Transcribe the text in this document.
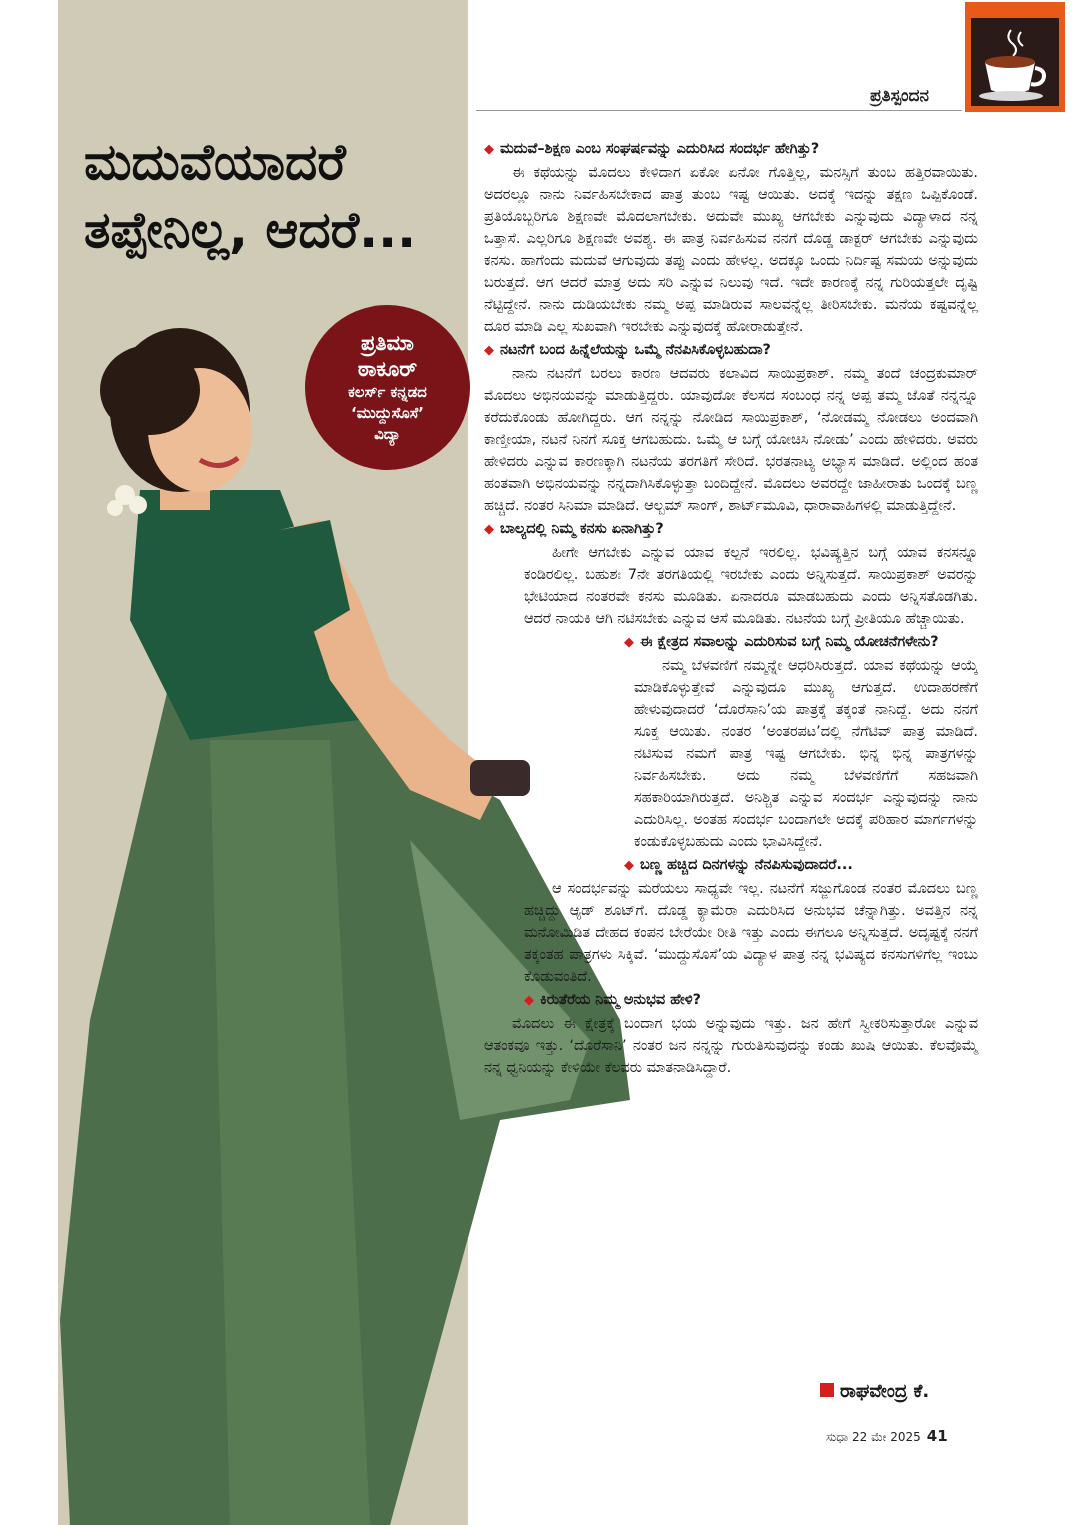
ಮದುವೆಯಾದರೆ
ತಪ್ಪೇನಿಲ್ಲ, ಆದರೆ...
ಪ್ರತಿಮಾ
ಠಾಕೂರ್
ಕಲರ್ಸ್ ಕನ್ನಡದ
‘ಮುದ್ದುಸೊಸೆ’
ವಿದ್ಯಾ
ಪ್ರತಿಸ್ಪಂದನ
◆ ಮದುವೆ–ಶಿಕ್ಷಣ ಎಂಬ ಸಂಘರ್ಷವನ್ನು ಎದುರಿಸಿದ ಸಂದರ್ಭ ಹೇಗಿತ್ತು?

ಈ ಕಥೆಯನ್ನು ಮೊದಲು ಕೇಳಿದಾಗ ಏಕೋ ಏನೋ ಗೊತ್ತಿಲ್ಲ, ಮನಸ್ಸಿಗೆ ತುಂಬ ಹತ್ತಿರವಾಯಿತು. ಅದರಲ್ಲೂ ನಾನು ನಿರ್ವಹಿಸಬೇಕಾದ ಪಾತ್ರ ತುಂಬ ಇಷ್ಟ ಆಯಿತು. ಅದಕ್ಕೆ ಇದನ್ನು ತಕ್ಷಣ ಒಪ್ಪಿಕೊಂಡೆ. ಪ್ರತಿಯೊಬ್ಬರಿಗೂ ಶಿಕ್ಷಣವೇ ಮೊದಲಾಗಬೇಕು. ಅದುವೇ ಮುಖ್ಯ ಆಗಬೇಕು ಎನ್ನುವುದು ವಿದ್ಯಾಳಾದ ನನ್ನ ಒತ್ತಾಸೆ. ಎಲ್ಲರಿಗೂ ಶಿಕ್ಷಣವೇ ಅವಶ್ಯ. ಈ ಪಾತ್ರ ನಿರ್ವಹಿಸುವ ನನಗೆ ದೊಡ್ಡ ಡಾಕ್ಟರ್ ಆಗಬೇಕು ಎನ್ನುವುದು ಕನಸು. ಹಾಗೆಂದು ಮದುವೆ ಆಗುವುದು ತಪ್ಪು ಎಂದು ಹೇಳಲ್ಲ. ಅದಕ್ಕೂ ಒಂದು ನಿರ್ದಿಷ್ಟ ಸಮಯ ಅನ್ನುವುದು ಬರುತ್ತದೆ. ಆಗ ಆದರೆ ಮಾತ್ರ ಅದು ಸರಿ ಎನ್ನುವ ನಿಲುವು ಇದೆ. ಇದೇ ಕಾರಣಕ್ಕೆ ನನ್ನ ಗುರಿಯತ್ತಲೇ ದೃಷ್ಟಿ ನೆಟ್ಟಿದ್ದೇನೆ. ನಾನು ದುಡಿಯಬೇಕು ನಮ್ಮ ಅಪ್ಪ ಮಾಡಿರುವ ಸಾಲವನ್ನೆಲ್ಲ ತೀರಿಸಬೇಕು. ಮನೆಯ ಕಷ್ಟವನ್ನೆಲ್ಲ ದೂರ ಮಾಡಿ ಎಲ್ಲ ಸುಖವಾಗಿ ಇರಬೇಕು ಎನ್ನುವುದಕ್ಕೆ ಹೋರಾಡುತ್ತೇನೆ.

◆ ನಟನೆಗೆ ಬಂದ ಹಿನ್ನೆಲೆಯನ್ನು ಒಮ್ಮೆ ನೆನಪಿಸಿಕೊಳ್ಳಬಹುದಾ?

ನಾನು ನಟನೆಗೆ ಬರಲು ಕಾರಣ ಆದವರು ಕಲಾವಿದ ಸಾಯಿಪ್ರಕಾಶ್. ನಮ್ಮ ತಂದೆ ಚಂದ್ರಕುಮಾರ್ ಮೊದಲು ಅಭಿನಯವನ್ನು ಮಾಡುತ್ತಿದ್ದರು. ಯಾವುದೋ ಕೆಲಸದ ಸಂಬಂಧ ನನ್ನ ಅಪ್ಪ ತಮ್ಮ ಜೊತೆ ನನ್ನನ್ನೂ ಕರೆದುಕೊಂಡು ಹೋಗಿದ್ದರು. ಆಗ ನನ್ನನ್ನು ನೋಡಿದ ಸಾಯಿಪ್ರಕಾಶ್, ‘ನೋಡಮ್ಮ ನೋಡಲು ಅಂದವಾಗಿ ಕಾಣ್ತೀಯಾ, ನಟನೆ ನಿನಗೆ ಸೂಕ್ತ ಆಗಬಹುದು. ಒಮ್ಮೆ ಆ ಬಗ್ಗೆ ಯೋಚಿಸಿ ನೋಡು’ ಎಂದು ಹೇಳಿದರು. ಅವರು ಹೇಳಿದರು ಎನ್ನುವ ಕಾರಣಕ್ಕಾಗಿ ನಟನೆಯ ತರಗತಿಗೆ ಸೇರಿದೆ. ಭರತನಾಟ್ಯ ಅಭ್ಯಾಸ ಮಾಡಿದೆ. ಅಲ್ಲಿಂದ ಹಂತ ಹಂತವಾಗಿ ಅಭಿನಯವನ್ನು ನನ್ನದಾಗಿಸಿಕೊಳ್ಳುತ್ತಾ ಬಂದಿದ್ದೇನೆ. ಮೊದಲು ಅವರದ್ದೇ ಜಾಹೀರಾತು ಒಂದಕ್ಕೆ ಬಣ್ಣ ಹಚ್ಚಿದೆ. ನಂತರ ಸಿನಿಮಾ ಮಾಡಿದೆ. ಆಲ್ಬಮ್ ಸಾಂಗ್, ಶಾರ್ಟ್‌ಮೂವಿ, ಧಾರಾವಾಹಿಗಳಲ್ಲಿ ಮಾಡುತ್ತಿದ್ದೇನೆ.

◆ ಬಾಲ್ಯದಲ್ಲಿ ನಿಮ್ಮ ಕನಸು ಏನಾಗಿತ್ತು?

ಹೀಗೇ ಆಗಬೇಕು ಎನ್ನುವ ಯಾವ ಕಲ್ಪನೆ ಇರಲಿಲ್ಲ. ಭವಿಷ್ಯತ್ತಿನ ಬಗ್ಗೆ ಯಾವ ಕನಸನ್ನೂ ಕಂಡಿರಲಿಲ್ಲ. ಬಹುಶಃ 7ನೇ ತರಗತಿಯಲ್ಲಿ ಇರಬೇಕು ಎಂದು ಅನ್ನಿಸುತ್ತದೆ. ಸಾಯಿಪ್ರಕಾಶ್ ಅವರನ್ನು ಭೇಟಿಯಾದ ನಂತರವೇ ಕನಸು ಮೂಡಿತು. ಏನಾದರೂ ಮಾಡಬಹುದು ಎಂದು ಅನ್ನಿಸತೊಡಗಿತು. ಆದರೆ ನಾಯಕಿ ಆಗಿ ನಟಿಸಬೇಕು ಎನ್ನುವ ಆಸೆ ಮೂಡಿತು. ನಟನೆಯ ಬಗ್ಗೆ ಪ್ರೀತಿಯೂ ಹೆಚ್ಚಾಯಿತು.

◆ ಈ ಕ್ಷೇತ್ರದ ಸವಾಲನ್ನು ಎದುರಿಸುವ ಬಗ್ಗೆ ನಿಮ್ಮ ಯೋಚನೆಗಳೇನು?

ನಮ್ಮ ಬೆಳವಣಿಗೆ ನಮ್ಮನ್ನೇ ಆಧರಿಸಿರುತ್ತದೆ. ಯಾವ ಕಥೆಯನ್ನು ಆಯ್ಕೆ ಮಾಡಿಕೊಳ್ಳುತ್ತೇವೆ ಎನ್ನುವುದೂ ಮುಖ್ಯ ಆಗುತ್ತದೆ. ಉದಾಹರಣೆಗೆ ಹೇಳುವುದಾದರೆ ‘ದೊರೆಸಾನಿ’ಯ ಪಾತ್ರಕ್ಕೆ ತಕ್ಕಂತೆ ನಾನಿದ್ದೆ. ಅದು ನನಗೆ ಸೂಕ್ತ ಆಯಿತು. ನಂತರ ‘ಅಂತರಪಟ’ದಲ್ಲಿ ನೆಗೆಟಿವ್ ಪಾತ್ರ ಮಾಡಿದೆ. ನಟಿಸುವ ನಮಗೆ ಪಾತ್ರ ಇಷ್ಟ ಆಗಬೇಕು. ಭಿನ್ನ ಭಿನ್ನ ಪಾತ್ರಗಳನ್ನು ನಿರ್ವಹಿಸಬೇಕು. ಅದು ನಮ್ಮ ಬೆಳವಣಿಗೆಗೆ ಸಹಜವಾಗಿ ಸಹಕಾರಿಯಾಗಿರುತ್ತದೆ. ಅನಿಶ್ಚಿತ ಎನ್ನುವ ಸಂದರ್ಭ ಎನ್ನುವುದನ್ನು ನಾನು ಎದುರಿಸಿಲ್ಲ. ಅಂತಹ ಸಂದರ್ಭ ಬಂದಾಗಲೇ ಅದಕ್ಕೆ ಪರಿಹಾರ ಮಾರ್ಗಗಳನ್ನು ಕಂಡುಕೊಳ್ಳಬಹುದು ಎಂದು ಭಾವಿಸಿದ್ದೇನೆ.

◆ ಬಣ್ಣ ಹಚ್ಚಿದ ದಿನಗಳನ್ನು ನೆನಪಿಸುವುದಾದರೆ...

ಆ ಸಂದರ್ಭವನ್ನು ಮರೆಯಲು ಸಾಧ್ಯವೇ ಇಲ್ಲ. ನಟನೆಗೆ ಸಜ್ಜುಗೊಂಡ ನಂತರ ಮೊದಲು ಬಣ್ಣ ಹಚ್ಚಿದ್ದು ಆ್ಯಡ್ ಶೂಟ್‌ಗೆ. ದೊಡ್ಡ ಕ್ಯಾಮೆರಾ ಎದುರಿಸಿದ ಅನುಭವ ಚೆನ್ನಾಗಿತ್ತು. ಅವತ್ತಿನ ನನ್ನ ಮನೋಮಿಡಿತ ದೇಹದ ಕಂಪನ ಬೇರೆಯೇ ರೀತಿ ಇತ್ತು ಎಂದು ಈಗಲೂ ಅನ್ನಿಸುತ್ತದೆ. ಅದೃಷ್ಟಕ್ಕೆ ನನಗೆ ತಕ್ಕಂತಹ ಪಾತ್ರಗಳು ಸಿಕ್ಕಿವೆ. ‘ಮುದ್ದುಸೊಸೆ’ಯ ವಿದ್ಯಾಳ ಪಾತ್ರ ನನ್ನ ಭವಿಷ್ಯದ ಕನಸುಗಳಿಗೆಲ್ಲ ಇಂಬು ಕೊಡುವಂತಿದೆ.

◆ ಕಿರುತೆರೆಯ ನಿಮ್ಮ ಅನುಭವ ಹೇಳಿ?

ಮೊದಲು ಈ ಕ್ಷೇತ್ರಕ್ಕೆ ಬಂದಾಗ ಭಯ ಅನ್ನುವುದು ಇತ್ತು. ಜನ ಹೇಗೆ ಸ್ವೀಕರಿಸುತ್ತಾರೋ ಎನ್ನುವ ಆತಂಕವೂ ಇತ್ತು. ‘ದೊರೆಸಾನಿ’ ನಂತರ ಜನ ನನ್ನನ್ನು ಗುರುತಿಸುವುದನ್ನು ಕಂಡು ಖುಷಿ ಆಯಿತು. ಕೆಲವೊಮ್ಮೆ ನನ್ನ ಧ್ವನಿಯನ್ನು ಕೇಳಿಯೇ ಕೆಲವರು ಮಾತನಾಡಿಸಿದ್ದಾರೆ.

ರಾಘವೇಂದ್ರ ಕೆ.
ಸುಧಾ 22 ಮೇ 2025 41
